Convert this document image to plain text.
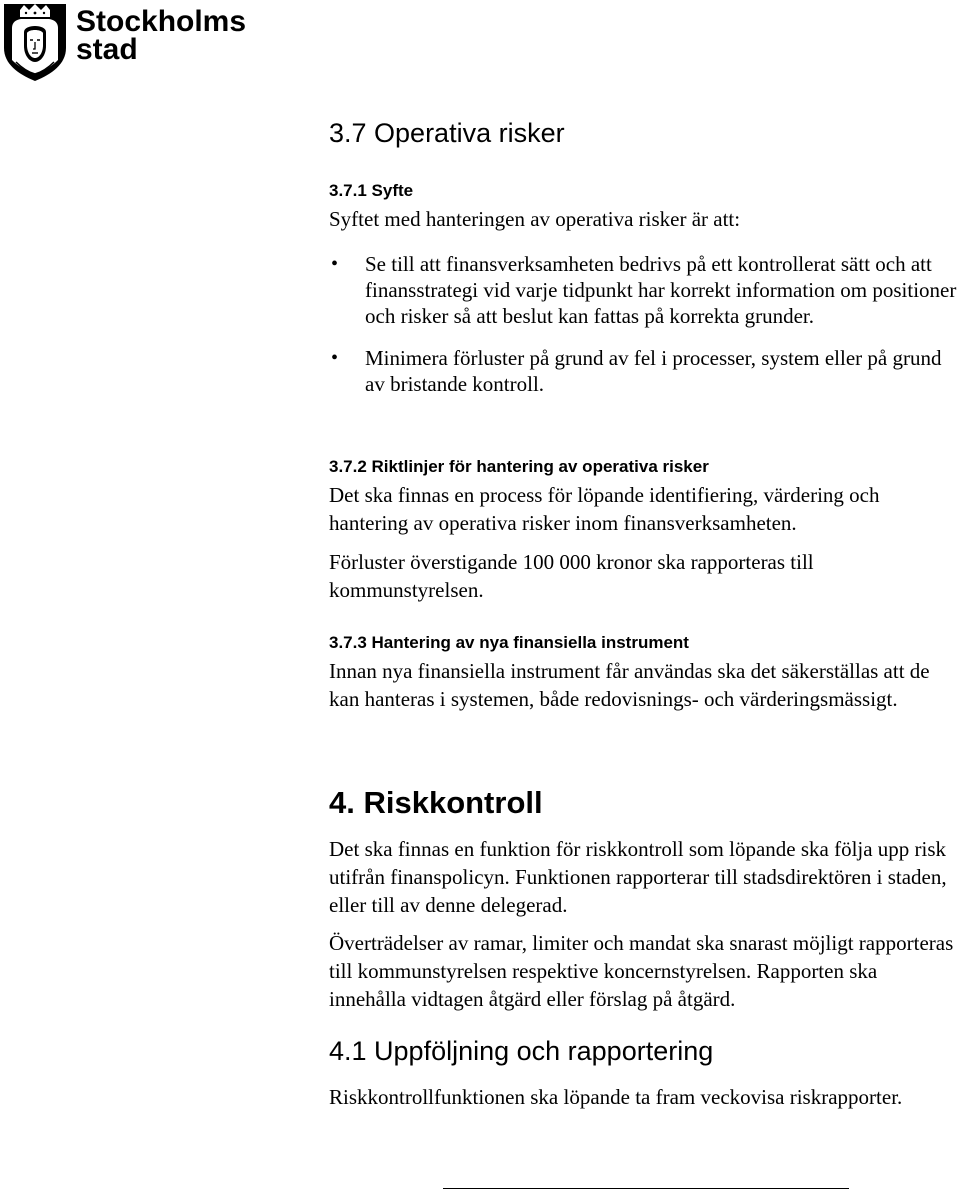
Stockholms
stad
3.7 Operativa risker
3.7.1 Syfte

Syftet med hanteringen av operativa risker är att:

• Se till att finansverksamheten bedrivs på ett kontrollerat sätt och att finansstrategi vid varje tidpunkt har korrekt information om positioner och risker så att beslut kan fattas på korrekta grunder.
• Minimera förluster på grund av fel i processer, system eller på grund av bristande kontroll.
3.7.2 Riktlinjer för hantering av operativa risker

Det ska finnas en process för löpande identifiering, värdering och hantering av operativa risker inom finansverksamheten.

Förluster överstigande 100 000 kronor ska rapporteras till kommunstyrelsen.

3.7.3 Hantering av nya finansiella instrument

Innan nya finansiella instrument får användas ska det säkerställas att de kan hanteras i systemen, både redovisnings- och värderingsmässigt.

4. Riskkontroll

Det ska finnas en funktion för riskkontroll som löpande ska följa upp risk utifrån finanspolicyn. Funktionen rapporterar till stadsdirektören i staden, eller till av denne delegerad.

Överträdelser av ramar, limiter och mandat ska snarast möjligt rapporteras till kommunstyrelsen respektive koncernstyrelsen. Rapporten ska innehålla vidtagen åtgärd eller förslag på åtgärd.

4.1 Uppföljning och rapportering

Riskkontrollfunktionen ska löpande ta fram veckovisa riskrapporter.
